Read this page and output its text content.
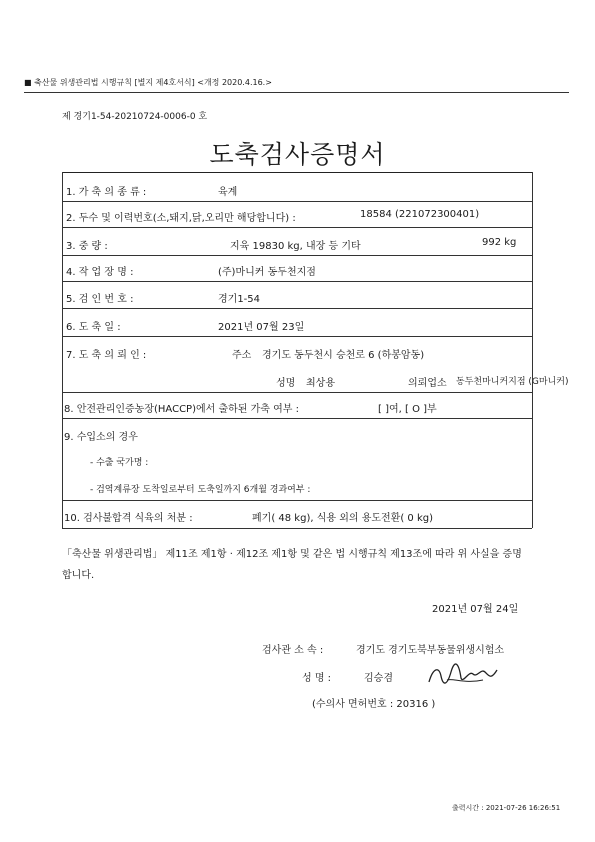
■ 축산물 위생관리법 시행규칙 [별지 제4호서식] <개정 2020.4.16.>
제 경기1-54-20210724-0006-0 호
도축검사증명서
1. 가 축 의 종 류 :	육계
2. 두수 및 이력번호(소,돼지,닭,오리만 해당합니다) :	18584 (221072300401)
3. 중 량 :	지육 19830 kg, 내장 등 기타	992 kg
4. 작 업 장 명 :	(주)마니커 동두천지점
5. 검 인 번 호 :	경기1-54
6. 도 축 일 :	2021년 07월 23일
7. 도 축 의 뢰 인 :	주소 경기도 동두천시 승천로 6 (하봉암동)
성명 최상용	의뢰업소 동두천마니커지점 (G마니커)
8. 안전관리인증농장(HACCP)에서 출하된 가축 여부 :	[ ]여, [ O ]부
9. 수입소의 경우
- 수출 국가명 :
- 검역계류장 도착일로부터 도축일까지 6개월 경과여부 :
10. 검사불합격 식육의 처분 :	폐기( 48 kg), 식용 외의 용도전환( 0 kg)
「축산물 위생관리법」 제11조 제1항 · 제12조 제1항 및 같은 법 시행규칙 제13조에 따라 위 사실을 증명
합니다.
2021년 07월 24일
검사관 소 속 :	경기도 경기도북부동물위생시험소
성 명 :	김승겸
(수의사 면허번호 : 20316 )
출력시간 : 2021-07-26 16:26:51
